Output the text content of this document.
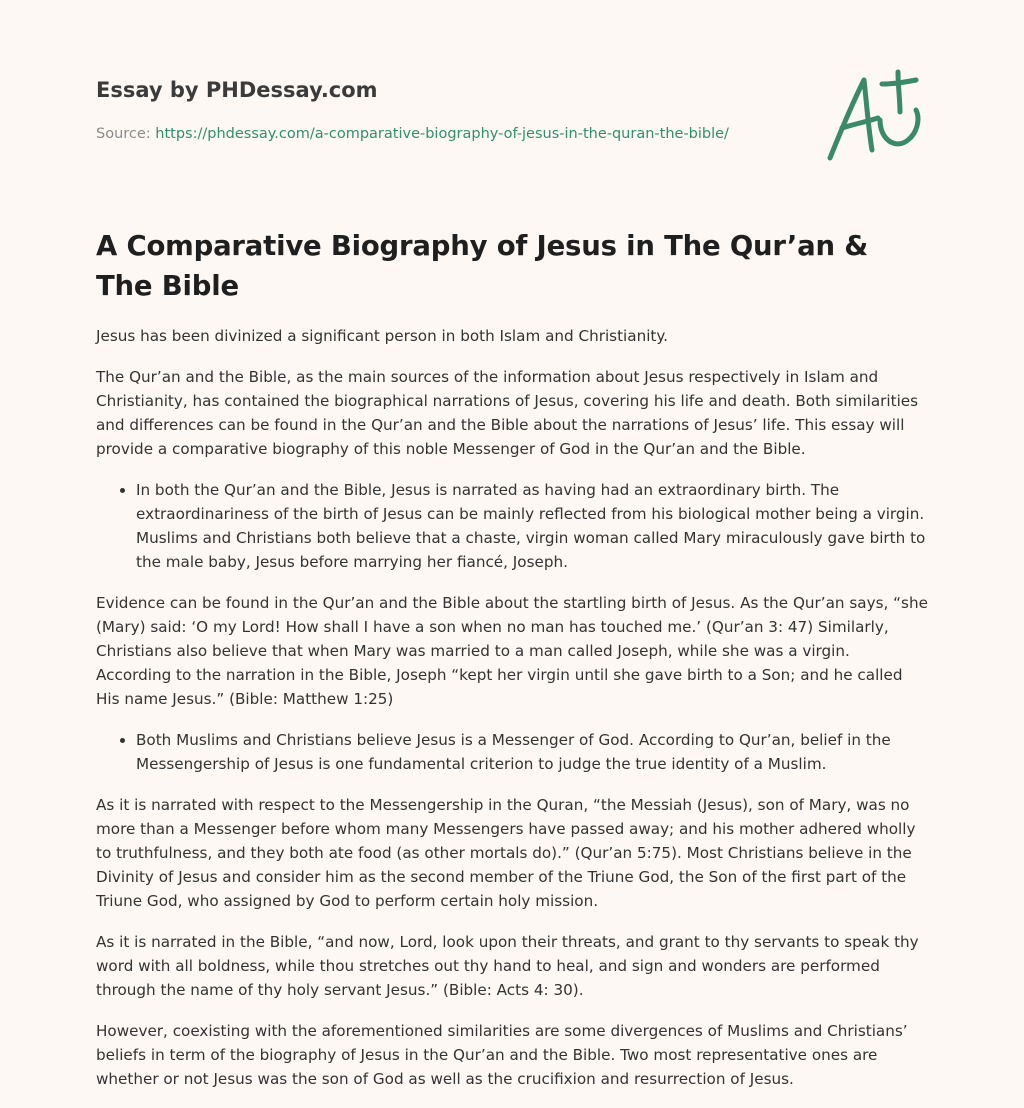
Essay by PHDessay.com
Source: https://phdessay.com/a-comparative-biography-of-jesus-in-the-quran-the-bible/
A Comparative Biography of Jesus in The Qur’an & The Bible

Jesus has been divinized a significant person in both Islam and Christianity.

The Qur’an and the Bible, as the main sources of the information about Jesus respectively in Islam and Christianity, has contained the biographical narrations of Jesus, covering his life and death. Both similarities and differences can be found in the Qur’an and the Bible about the narrations of Jesus’ life. This essay will provide a comparative biography of this noble Messenger of God in the Qur’an and the Bible.

• In both the Qur’an and the Bible, Jesus is narrated as having had an extraordinary birth. The extraordinariness of the birth of Jesus can be mainly reflected from his biological mother being a virgin. Muslims and Christians both believe that a chaste, virgin woman called Mary miraculously gave birth to the male baby, Jesus before marrying her fiancé, Joseph.

Evidence can be found in the Qur’an and the Bible about the startling birth of Jesus. As the Qur’an says, “she (Mary) said: ‘O my Lord! How shall I have a son when no man has touched me.’ (Qur’an 3: 47) Similarly, Christians also believe that when Mary was married to a man called Joseph, while she was a virgin. According to the narration in the Bible, Joseph “kept her virgin until she gave birth to a Son; and he called His name Jesus.” (Bible: Matthew 1:25)

• Both Muslims and Christians believe Jesus is a Messenger of God. According to Qur’an, belief in the Messengership of Jesus is one fundamental criterion to judge the true identity of a Muslim.

As it is narrated with respect to the Messengership in the Quran, “the Messiah (Jesus), son of Mary, was no more than a Messenger before whom many Messengers have passed away; and his mother adhered wholly to truthfulness, and they both ate food (as other mortals do).” (Qur’an 5:75). Most Christians believe in the Divinity of Jesus and consider him as the second member of the Triune God, the Son of the first part of the Triune God, who assigned by God to perform certain holy mission.

As it is narrated in the Bible, “and now, Lord, look upon their threats, and grant to thy servants to speak thy word with all boldness, while thou stretches out thy hand to heal, and sign and wonders are performed through the name of thy holy servant Jesus.” (Bible: Acts 4: 30).

However, coexisting with the aforementioned similarities are some divergences of Muslims and Christians’ beliefs in term of the biography of Jesus in the Qur’an and the Bible. Two most representative ones are whether or not Jesus was the son of God as well as the crucifixion and resurrection of Jesus.
